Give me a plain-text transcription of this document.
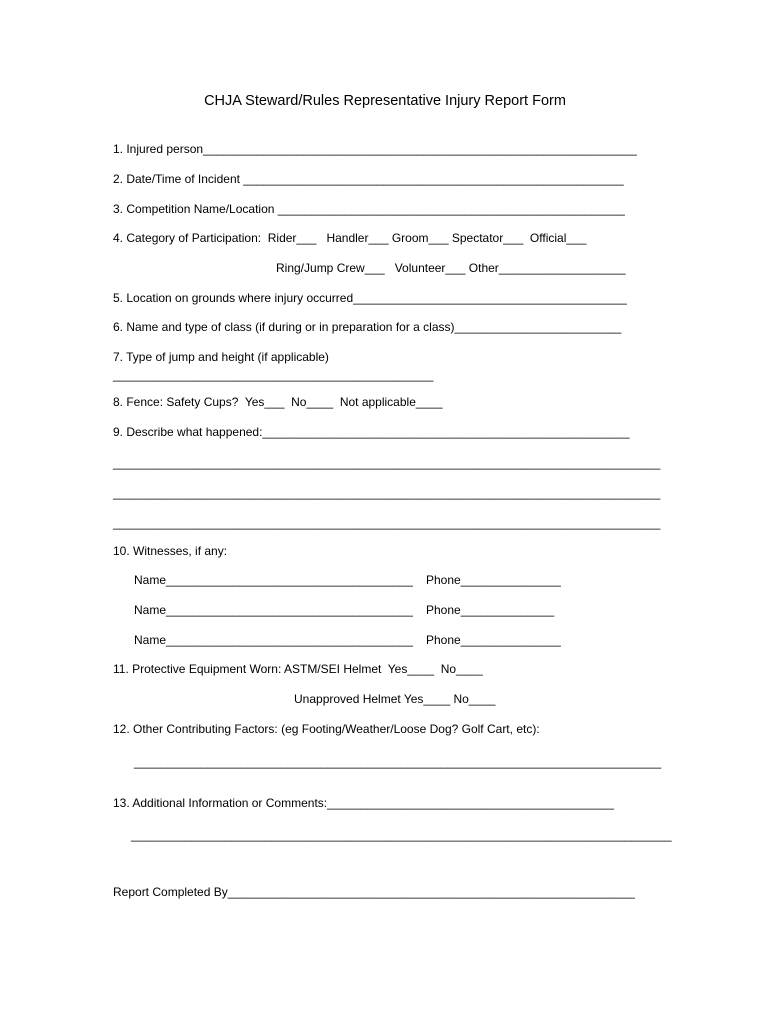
CHJA Steward/Rules Representative Injury Report Form
1. Injured person_________________________________________________________________
2. Date/Time of Incident _________________________________________________________
3. Competition Name/Location ____________________________________________________
4. Category of Participation:  Rider___   Handler___ Groom___ Spectator___  Official___
Ring/Jump Crew___   Volunteer___ Other___________________
5. Location on grounds where injury occurred_________________________________________
6. Name and type of class (if during or in preparation for a class)_________________________
7. Type of jump and height (if applicable)
________________________________________________
8. Fence: Safety Cups?  Yes___  No____  Not applicable____
9. Describe what happened:_______________________________________________________
__________________________________________________________________________________
__________________________________________________________________________________
__________________________________________________________________________________
10. Witnesses, if any:
Name_____________________________________ Phone_______________
Name_____________________________________ Phone______________
Name_____________________________________ Phone_______________
11. Protective Equipment Worn: ASTM/SEI Helmet  Yes____  No____
Unapproved Helmet Yes____ No____
12. Other Contributing Factors: (eg Footing/Weather/Loose Dog? Golf Cart, etc):
_______________________________________________________________________________
13. Additional Information or Comments:___________________________________________
_________________________________________________________________________________
Report Completed By_____________________________________________________________
